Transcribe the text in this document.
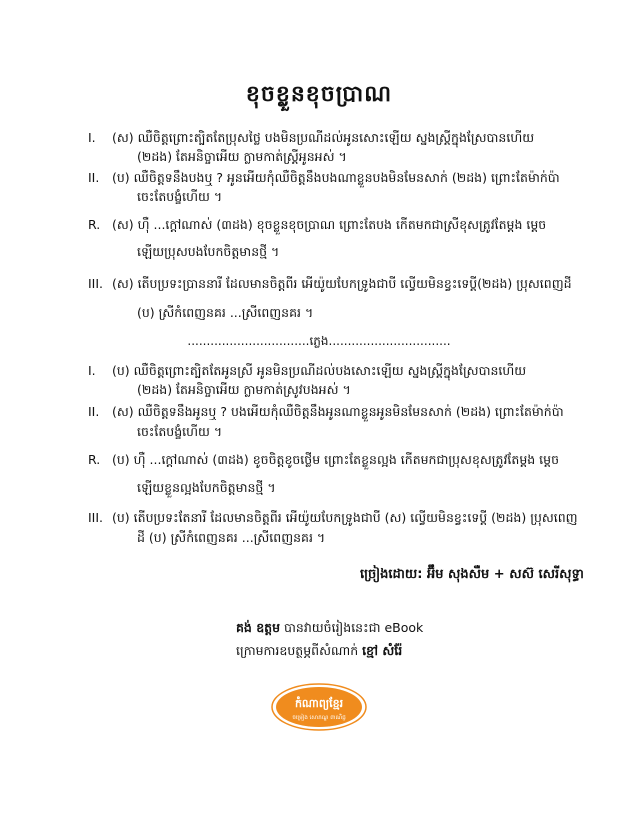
ខុចខ្លួនខុចប្រាណ
I. (ស) ឈឺចិត្តព្រោះត្បិតតែប្រុសថ្លៃ បងមិនប្រណីដល់អូនសោះឡើយ ស្នងស្រ្ដីក្នុងស្រែបានហើយ
(២ដង) តែអនិច្ចាអើយ ក្លាមកាត់ស្ត្រីអូនអស់ ។
II. (ប) ឈឺចិត្តទនឹងបងឬ ? អូនអើយកុំឈឺចិត្តនឹងបងណាខ្លួនបងមិនមែនសាក់ (២ដង) ព្រោះតែម៉ាក់ប៉ា
ចេះតែបង្ខំហើយ ។
R. (ស) ហ៊ឺ ...ក្តៅណាស់ (៣ដង) ខុចខ្លួនខុចប្រាណ ព្រោះតែបង កើតមកជាស្រីខុសត្រូវតែម្តង ម្តេច
ឡើយប្រុសបងបែកចិត្តមានថ្មី ។
III. (ស) តើបប្រទះប្រាននារី ដែលមានចិត្តពីរ អើយ៉ូយបែកទ្រូងជាបី ល្វើយមិនខ្វះទេប្ដី(២ដង) ប្រុសពេញដី
(ប) ស្រីកំពេញនគរ ...ស្រីពេញនគរ ។
................................ភ្លេង................................
I. (ប) ឈឺចិត្តព្រោះត្បិតតែអូនស្រី អូនមិនប្រណីដល់បងសោះឡើយ ស្នងស្រ្ដីក្នុងស្រែបានហើយ
(២ដង) តែអនិច្ចាអើយ ក្លាមកាត់ស្រូវបងអស់ ។
II. (ស) ឈឺចិត្តទនឹងអូនឬ ? បងអើយកុំឈឺចិត្តនឹងអូនណាខ្លួនអូនមិនមែនសាក់ (២ដង) ព្រោះតែម៉ាក់ប៉ា
ចេះតែបង្ខំហើយ ។
R. (ប) ហ៊ឺ ...ក្តៅណាស់ (៣ដង) ខូចចិត្តខូចថ្លើម ព្រោះតែខ្លួនល្អង កើតមកជាប្រុសខុសត្រូវតែម្តង ម្តេច
ឡើយខ្លួនល្អងបែកចិត្តមានថ្មី ។
III. (ប) តើបប្រទះតែនារី ដែលមានចិត្តពីរ អើយ៉ូយបែកទ្រូងជាបី (ស) ល្វើយមិនខ្វះទេប្ដី (២ដង) ប្រុសពេញ
ដី (ប) ស្រីកំពេញនគរ ...ស្រីពេញនគរ ។
ច្រៀងដោយ: អ៊ឹម សុងសឺម + សស៊ សេរីសុទ្ធា
គង់ ឧត្តម បានវាយចំរៀងនេះជា eBook
ក្រោមការឧបត្ថម្ភពីសំណាក់ ខ្មៅ សំរ៉ែ
កំណាព្យខ្មែរ
ចម្រៀង សោភណ្ឌ ពាណិជ្ជ
